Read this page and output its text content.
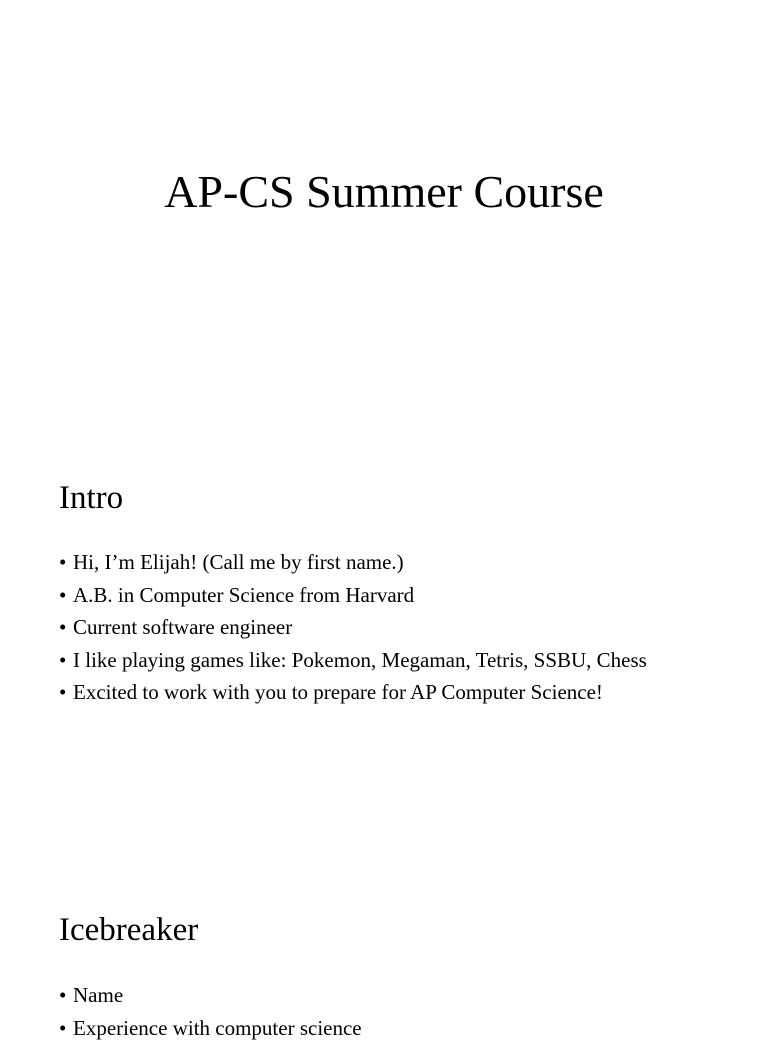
AP-CS Summer Course
Intro
• Hi, I’m Elijah! (Call me by first name.)
• A.B. in Computer Science from Harvard
• Current software engineer
• I like playing games like: Pokemon, Megaman, Tetris, SSBU, Chess
• Excited to work with you to prepare for AP Computer Science!
Icebreaker
• Name
• Experience with computer science
